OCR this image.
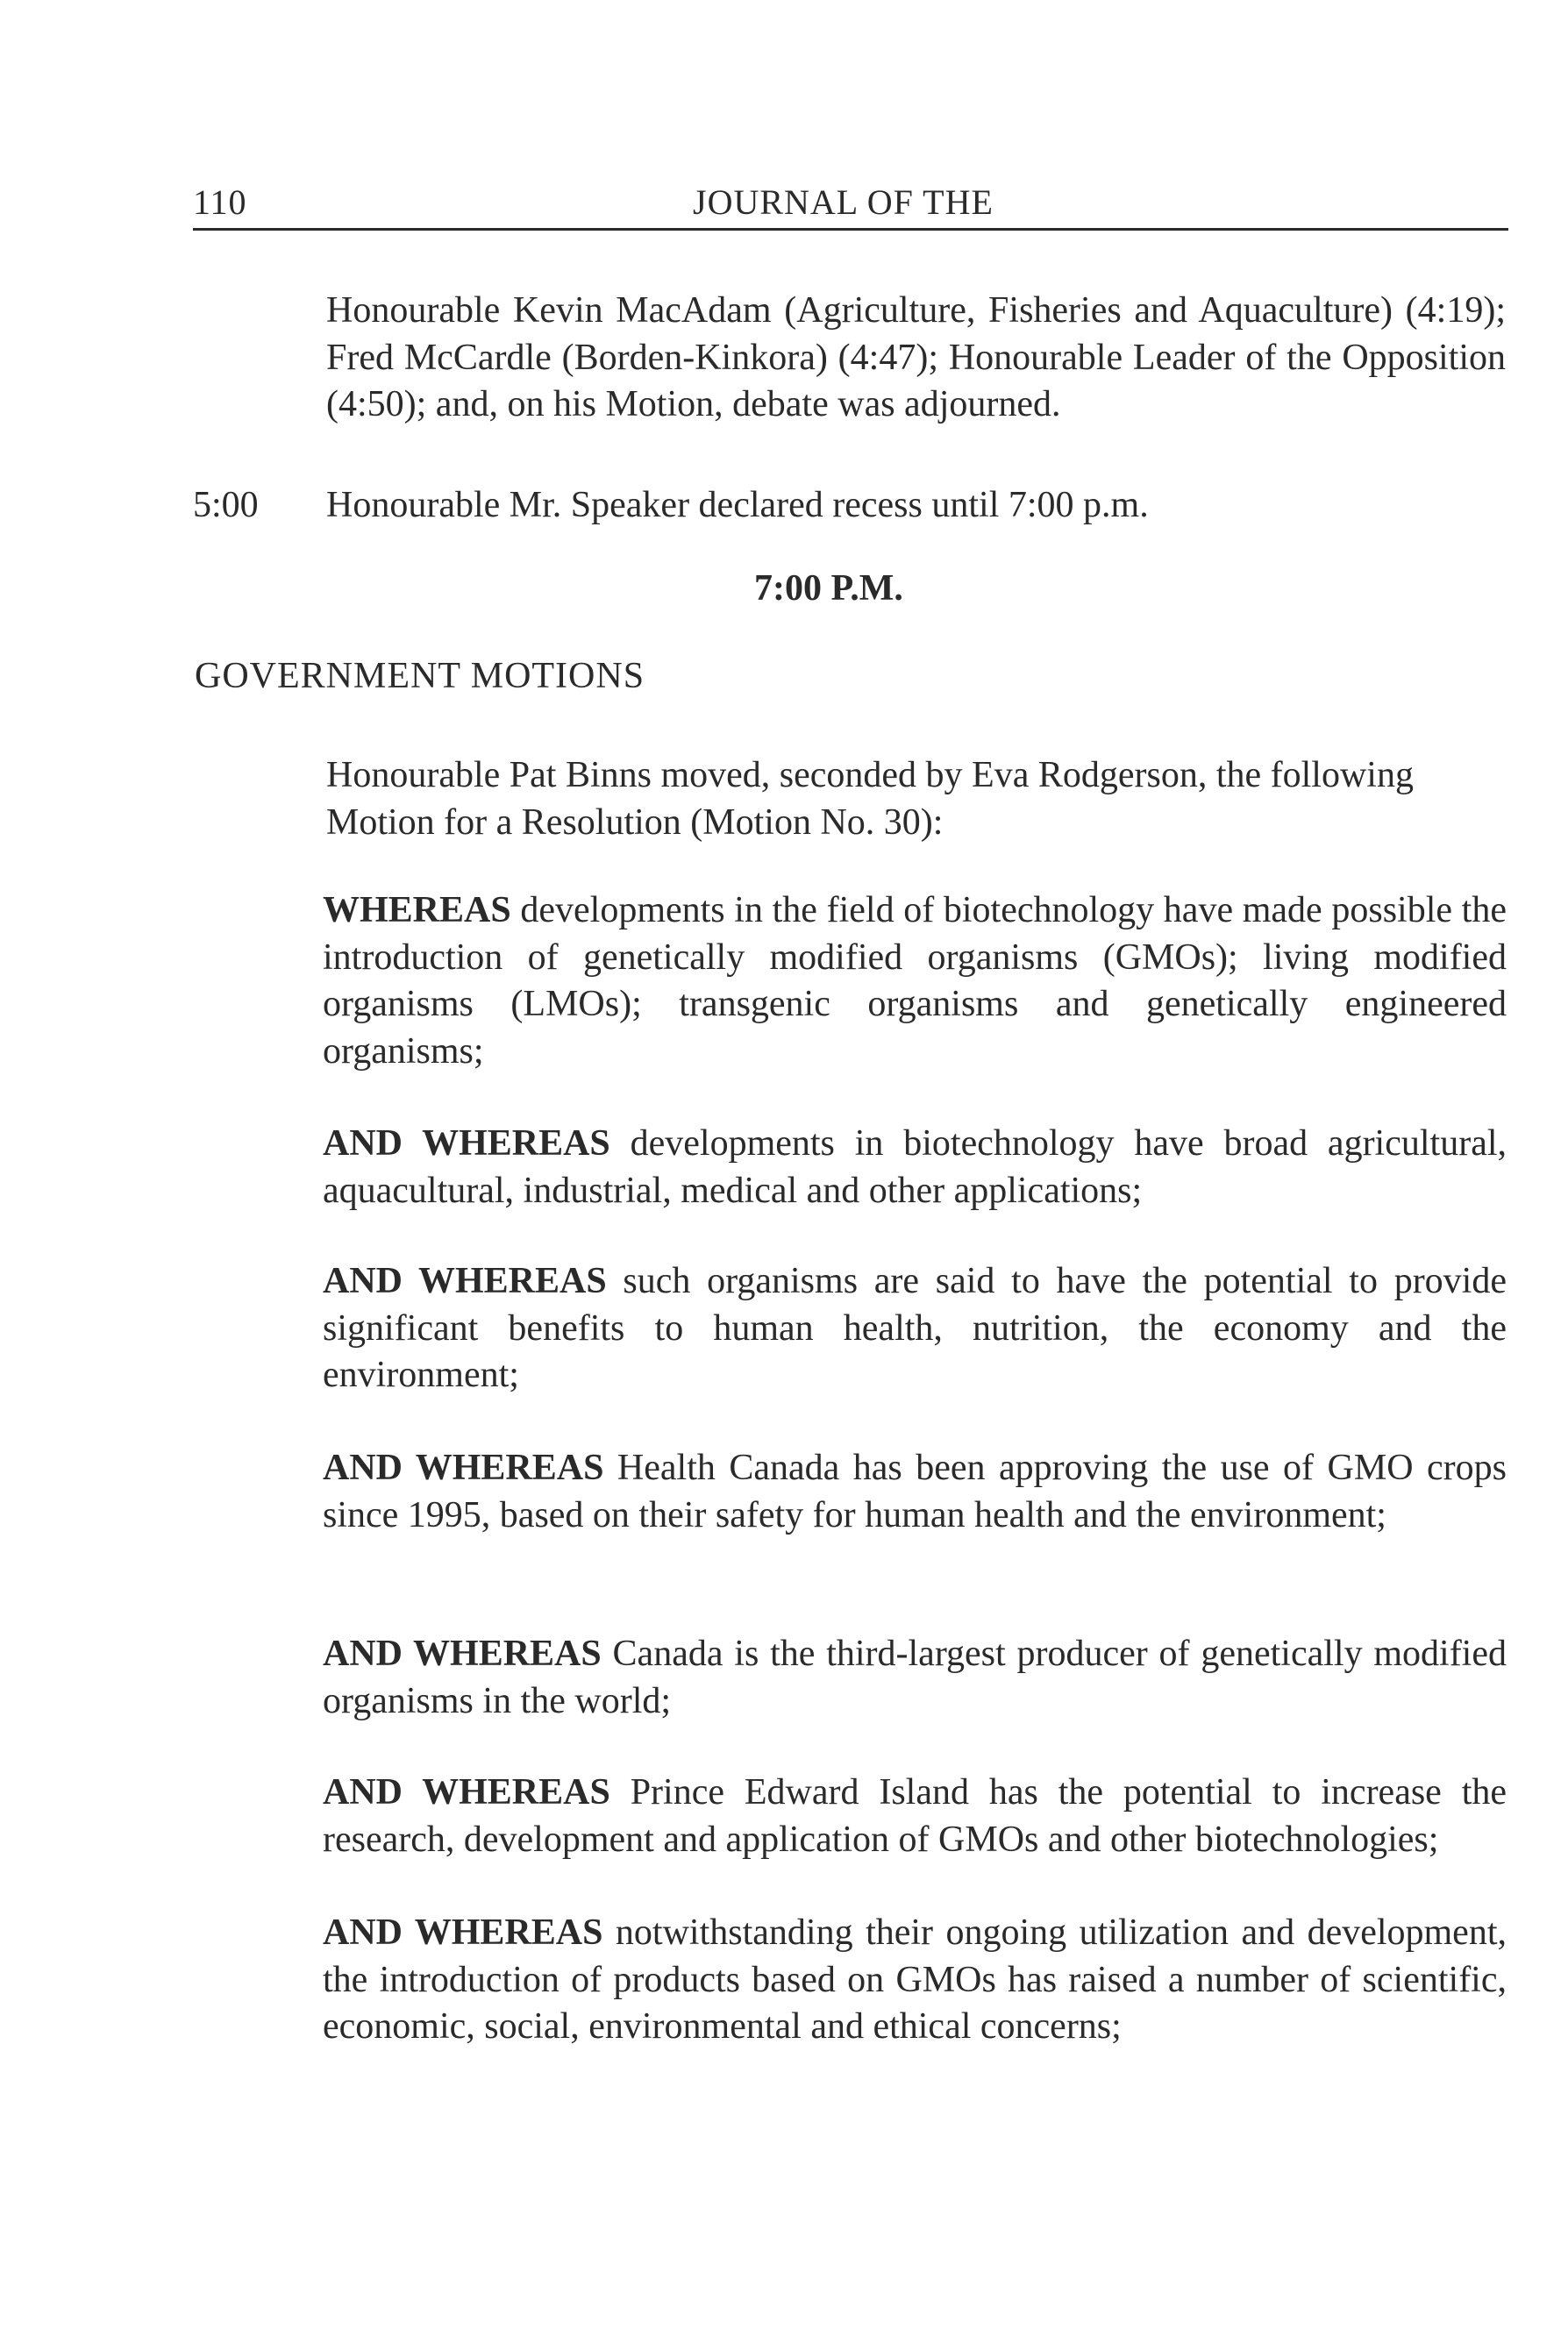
110	JOURNAL OF THE

Honourable Kevin MacAdam (Agriculture, Fisheries and Aquaculture) (4:19); Fred McCardle (Borden-Kinkora) (4:47); Honourable Leader of the Opposition (4:50); and, on his Motion, debate was adjourned.

5:00 Honourable Mr. Speaker declared recess until 7:00 p.m.

7:00 P.M.
GOVERNMENT MOTIONS

Honourable Pat Binns moved, seconded by Eva Rodgerson, the following Motion for a Resolution (Motion No. 30):

WHEREAS developments in the field of biotechnology have made possible the introduction of genetically modified organisms (GMOs); living modified organisms (LMOs); transgenic organisms and genetically engineered organisms;

AND WHEREAS developments in biotechnology have broad agricultural, aquacultural, industrial, medical and other applications;

AND WHEREAS such organisms are said to have the potential to provide significant benefits to human health, nutrition, the economy and the environment;

AND WHEREAS Health Canada has been approving the use of GMO crops since 1995, based on their safety for human health and the environment;

AND WHEREAS Canada is the third-largest producer of genetically modified organisms in the world;

AND WHEREAS Prince Edward Island has the potential to increase the research, development and application of GMOs and other biotechnologies;

AND WHEREAS notwithstanding their ongoing utilization and development, the introduction of products based on GMOs has raised a number of scientific, economic, social, environmental and ethical concerns;
